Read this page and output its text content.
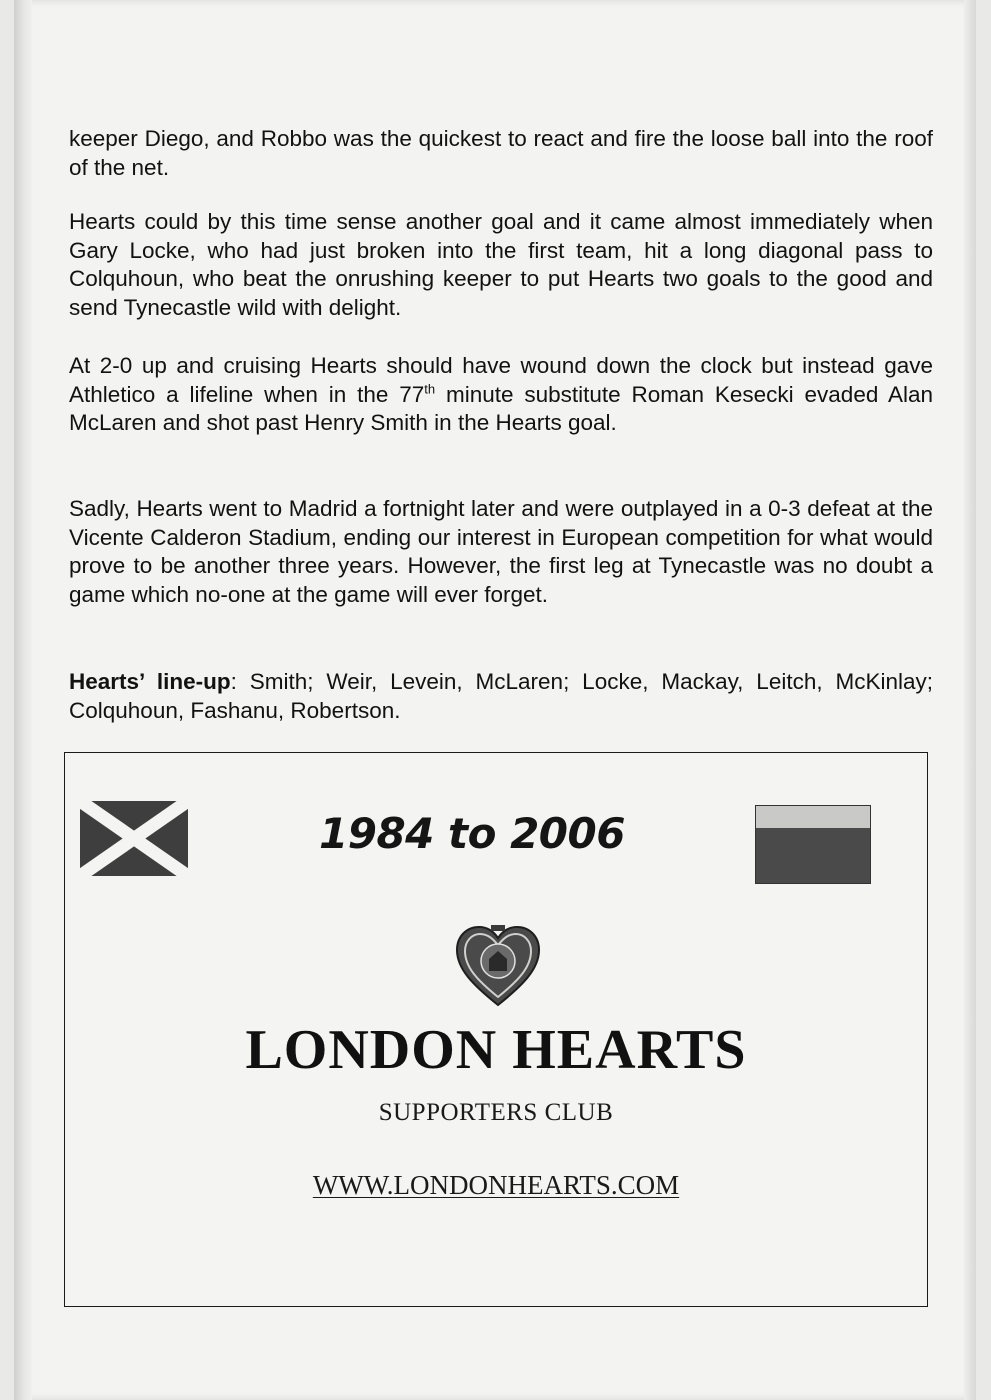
keeper Diego, and Robbo was the quickest to react and fire the loose ball into the roof of the net.

Hearts could by this time sense another goal and it came almost immediately when Gary Locke, who had just broken into the first team, hit a long diagonal pass to Colquhoun, who beat the onrushing keeper to put Hearts two goals to the good and send Tynecastle wild with delight.

At 2-0 up and cruising Hearts should have wound down the clock but instead gave Athletico a lifeline when in the 77th minute substitute Roman Kesecki evaded Alan McLaren and shot past Henry Smith in the Hearts goal.

Sadly, Hearts went to Madrid a fortnight later and were outplayed in a 0-3 defeat at the Vicente Calderon Stadium, ending our interest in European competition for what would prove to be another three years. However, the first leg at Tynecastle was no doubt a game which no-one at the game will ever forget.

Hearts’ line-up: Smith; Weir, Levein, McLaren; Locke, Mackay, Leitch, McKinlay; Colquhoun, Fashanu, Robertson.

1984 to 2006
LONDON HEARTS
SUPPORTERS CLUB
WWW.LONDONHEARTS.COM
